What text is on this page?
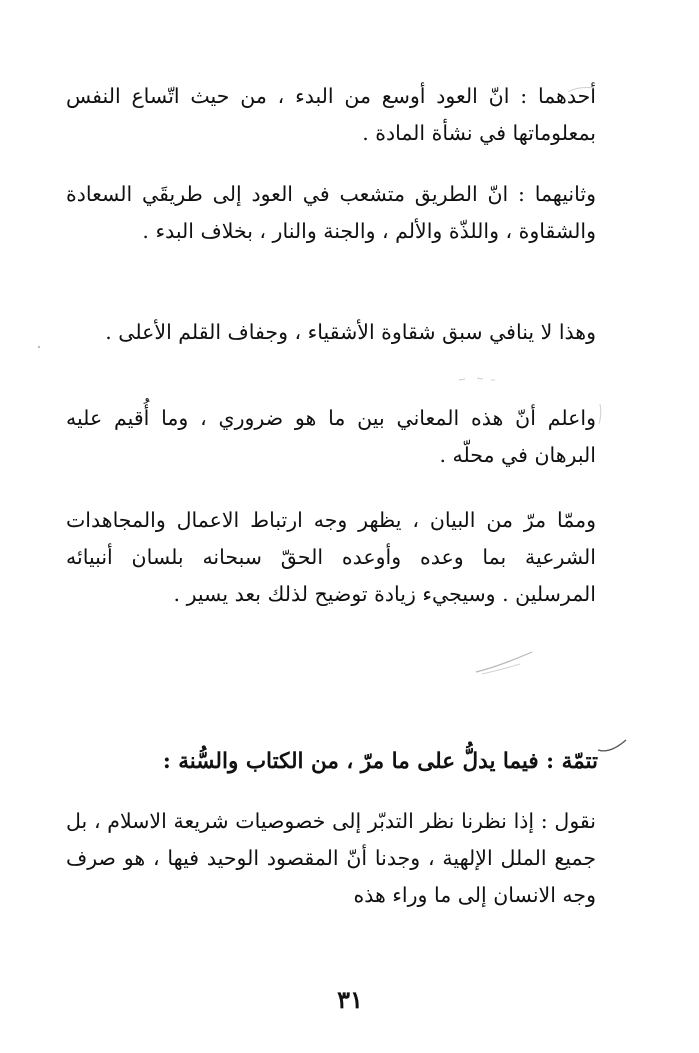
أحدهما : انّ العود أوسع من البدء ، من حيث اتّساع النفس بمعلوماتها في نشأة المادة .

وثانيهما : انّ الطريق متشعب في العود إلى طريقَي السعادة والشقاوة ، واللذّة والألم ، والجنة والنار ، بخلاف البدء .

وهذا لا ينافي سبق شقاوة الأشقياء ، وجفاف القلم الأعلى .

واعلم أنّ هذه المعاني بين ما هو ضروري ، وما أُقيم عليه البرهان في محلّه .

وممّا مرّ من البيان ، يظهر وجه ارتباط الاعمال والمجاهدات الشرعية بما وعده وأوعده الحقّ سبحانه بلسان أنبيائه المرسلين . وسيجيء زيادة توضيح لذلك بعد يسير .

تتمّة : فيما يدلُّ على ما مرّ ، من الكتاب والسُّنة :

نقول : إذا نظرنا نظر التدبّر إلى خصوصيات شريعة الاسلام ، بل جميع الملل الإلهية ، وجدنا أنّ المقصود الوحيد فيها ، هو صرف وجه الانسان إلى ما وراء هذه

٣١
